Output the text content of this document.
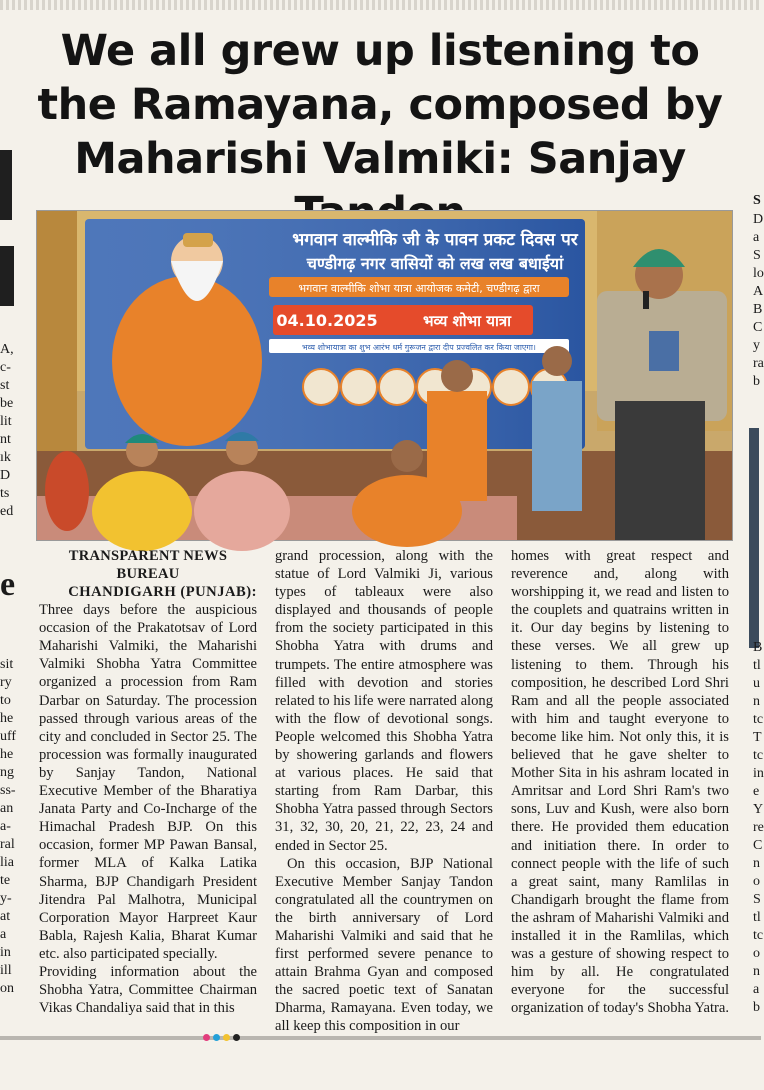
A,
c-
st
be
lit
nt
ık
D
ts
ed
e
sit
ry
to
he
uff
he
ng
ss-
an
a-
ral
lia
te
y-
at
a
in
ill
on
S
D
a
S
lo
A
B
C
y
ra
b
B
tl
u
n
tc
T
tc
in
e
Y
re
C
n
o
S
tl
tc
o
n
a
b
We all grew up listening to the Ramayana, composed by Maharishi Valmiki: Sanjay
भगवान वाल्मीकि जी के पावन प्रकट दिवस पर
चण्डीगढ़ नगर वासियों को लख लख बधाईयां
भगवान वाल्मीकि शोभा यात्रा आयोजक कमेटी, चण्डीगढ़ द्वारा
04.10.2025	भव्य शोभा यात्रा
भव्य शोभायात्रा का शुभ आरंभ धर्म गुरूजन द्वारा दीप प्रज्वलित कर किया जाएगा।

TRANSPARENT NEWS BUREAU

CHANDIGARH (PUNJAB):

Three days before the auspicious occasion of the Prakatotsav of Lord Maharishi Valmiki, the Maharishi Valmiki Shobha Yatra Committee organized a procession from Ram Darbar on Saturday. The procession passed through various areas of the city and concluded in Sector 25. The procession was formally inaugurated by Sanjay Tandon, National Executive Member of the Bharatiya Janata Party and Co-Incharge of the Himachal Pradesh BJP. On this occasion, former MP Pawan Bansal, former MLA of Kalka Latika Sharma, BJP Chandigarh President Jitendra Pal Malhotra, Municipal Corporation Mayor Harpreet Kaur Babla, Rajesh Kalia, Bharat Kumar etc. also participated specially.

Providing information about the Shobha Yatra, Committee Chairman Vikas Chandaliya said that in this

grand procession, along with the statue of Lord Valmiki Ji, various types of tableaux were also displayed and thousands of people from the society participated in this Shobha Yatra with drums and trumpets. The entire atmosphere was filled with devotion and stories related to his life were narrated along with the flow of devotional songs. People welcomed this Shobha Yatra by showering garlands and flowers at various places. He said that starting from Ram Darbar, this Shobha Yatra passed through Sectors 31, 32, 30, 20, 21, 22, 23, 24 and ended in Sector 25.

On this occasion, BJP National Executive Member Sanjay Tandon congratulated all the countrymen on the birth anniversary of Lord Maharishi Valmiki and said that he first performed severe penance to attain Brahma Gyan and composed the sacred poetic text of Sanatan Dharma, Ramayana. Even today, we all keep this composition in our

homes with great respect and reverence and, along with worshipping it, we read and listen to the couplets and quatrains written in it. Our day begins by listening to these verses. We all grew up listening to them. Through his composition, he described Lord Shri Ram and all the people associated with him and taught everyone to become like him. Not only this, it is believed that he gave shelter to Mother Sita in his ashram located in Amritsar and Lord Shri Ram's two sons, Luv and Kush, were also born there. He provided them education and initiation there. In order to connect people with the life of such a great saint, many Ramlilas in Chandigarh brought the flame from the ashram of Maharishi Valmiki and installed it in the Ramlilas, which was a gesture of showing respect to him by all. He congratulated everyone for the successful organization of today's Shobha Yatra.
